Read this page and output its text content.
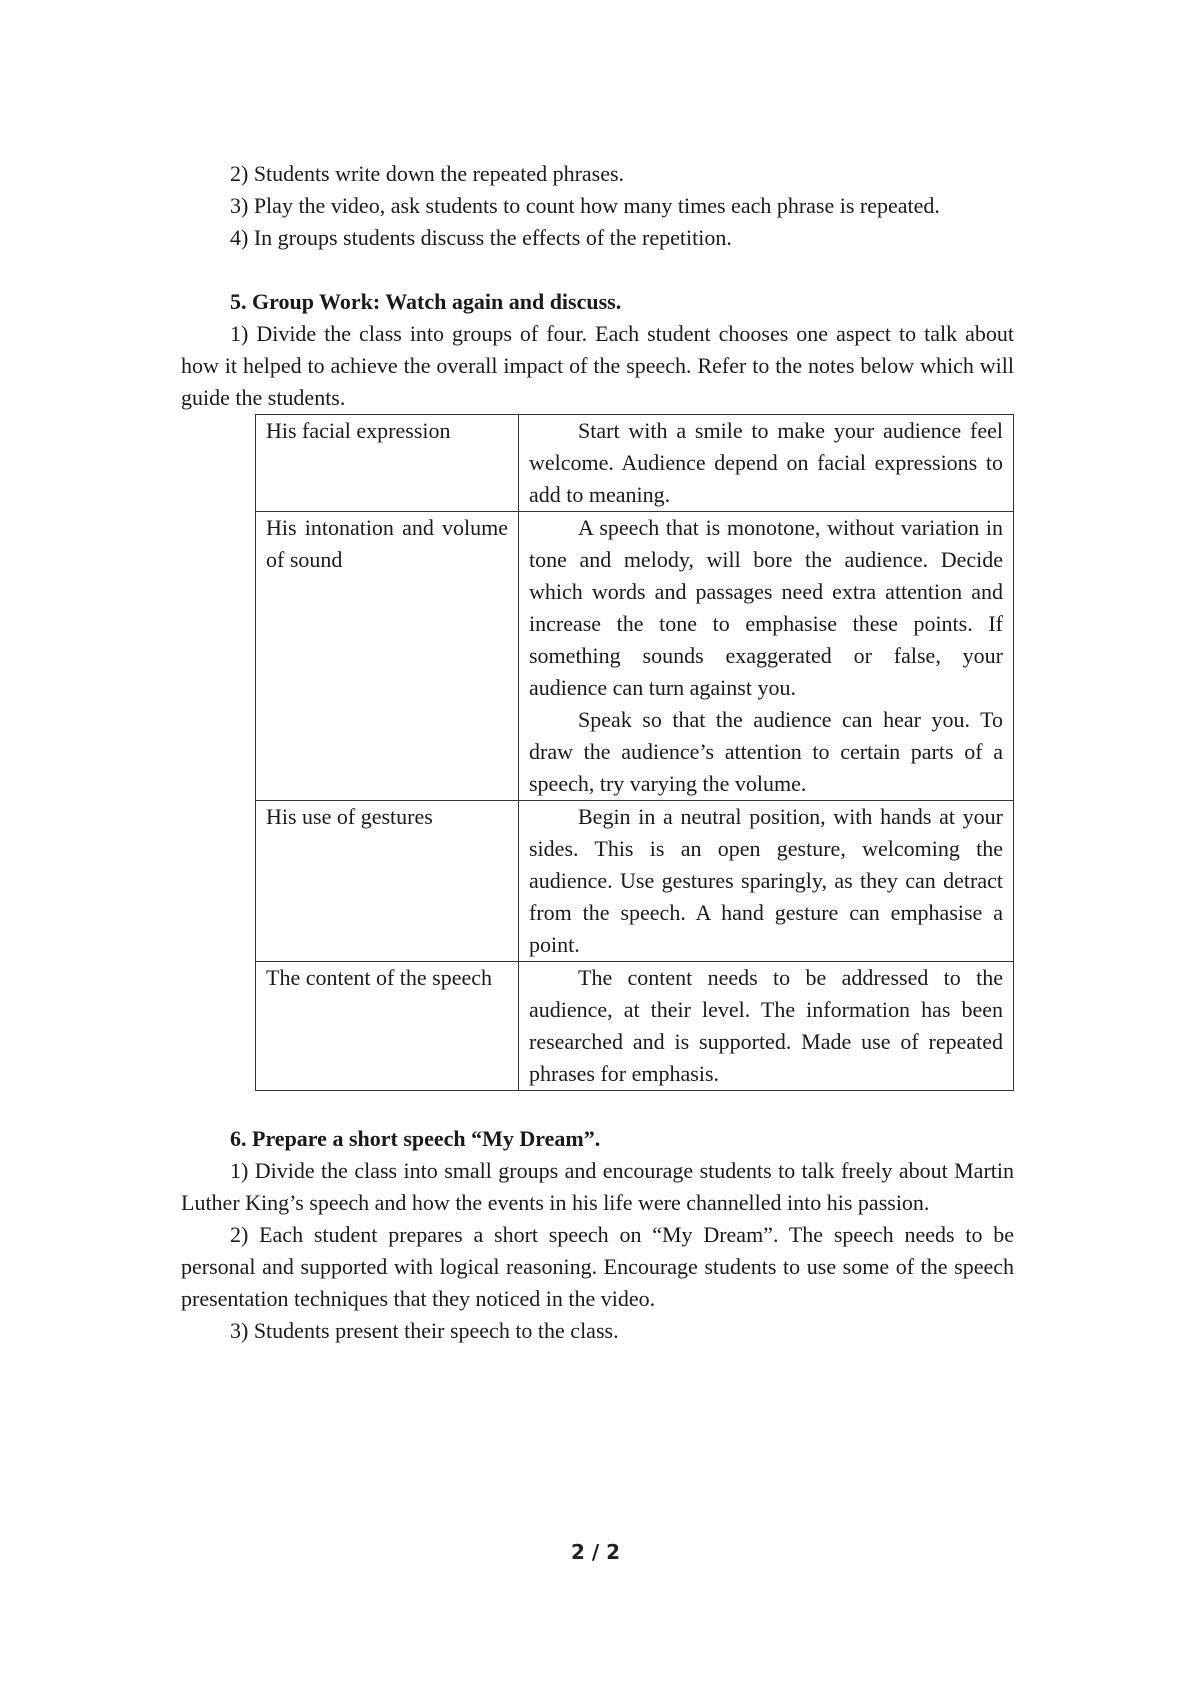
2) Students write down the repeated phrases.

3) Play the video, ask students to count how many times each phrase is repeated.

4) In groups students discuss the effects of the repetition.

5. Group Work: Watch again and discuss.

1) Divide the class into groups of four. Each student chooses one aspect to talk about how it helped to achieve the overall impact of the speech. Refer to the notes below which will guide the students.

His facial expression	Start with a smile to make your audience feel welcome. Audience depend on facial expressions to add to meaning.

His intonation and volume of sound	A speech that is monotone, without variation in tone and melody, will bore the audience. Decide which words and passages need extra attention and increase the tone to emphasise these points. If something sounds exaggerated or false, your audience can turn against you.

Speak so that the audience can hear you. To draw the audience’s attention to certain parts of a speech, try varying the volume.

His use of gestures	Begin in a neutral position, with hands at your sides. This is an open gesture, welcoming the audience. Use gestures sparingly, as they can detract from the speech. A hand gesture can emphasise a point.

The content of the speech	The content needs to be addressed to the audience, at their level. The information has been researched and is supported. Made use of repeated phrases for emphasis.

6. Prepare a short speech “My Dream”.

1) Divide the class into small groups and encourage students to talk freely about Martin Luther King’s speech and how the events in his life were channelled into his passion.

2) Each student prepares a short speech on “My Dream”. The speech needs to be personal and supported with logical reasoning. Encourage students to use some of the speech presentation techniques that they noticed in the video.

3) Students present their speech to the class.

2 / 2
